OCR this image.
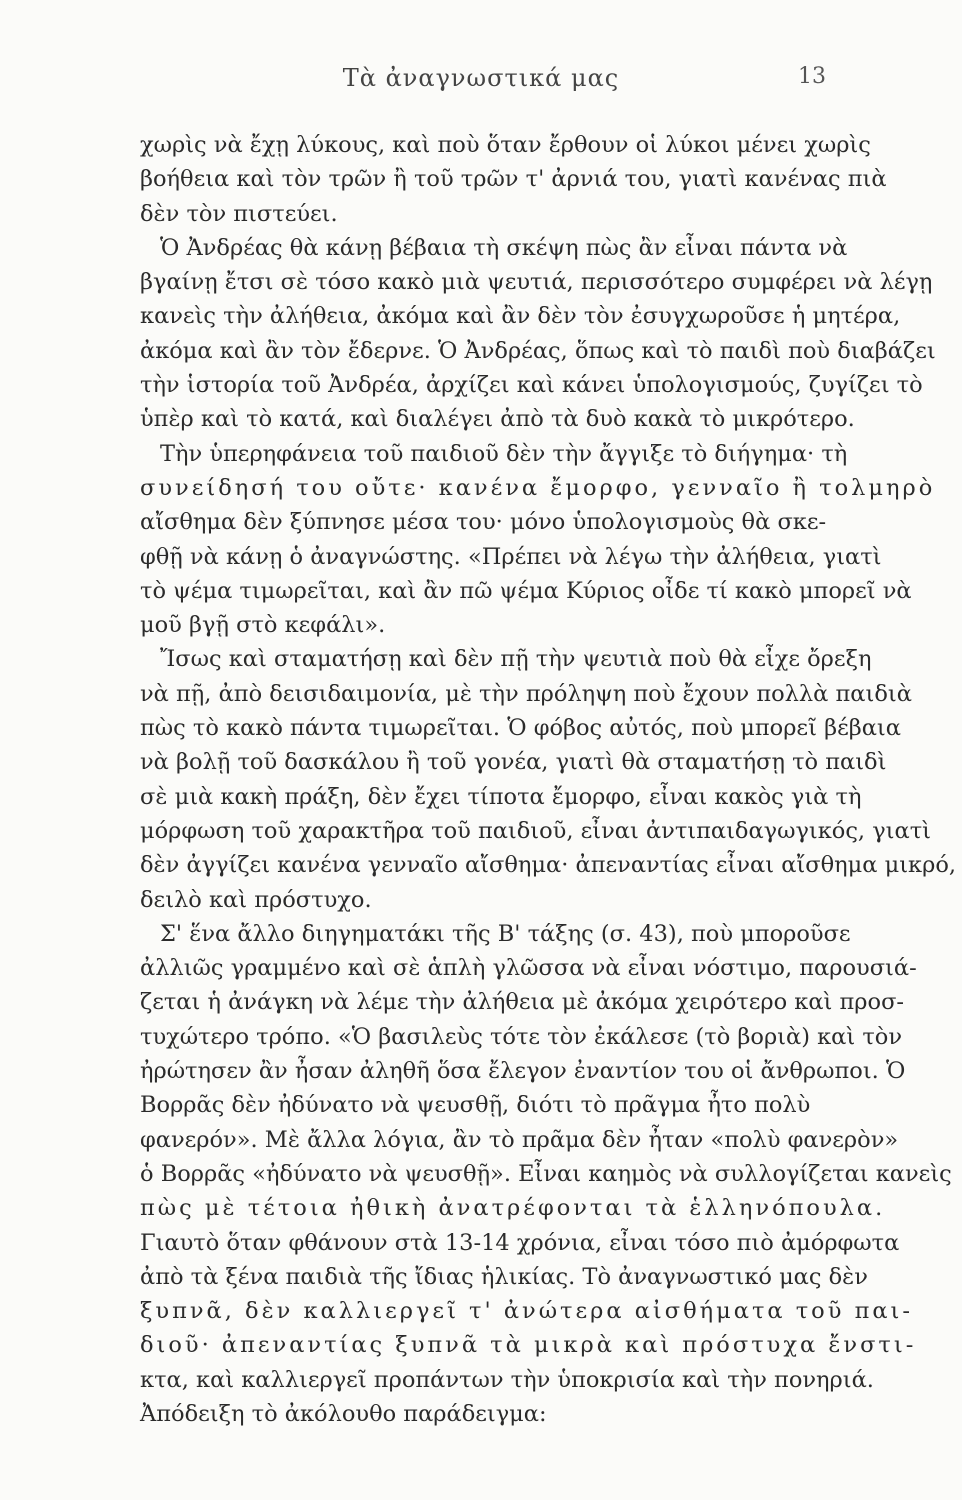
Τὰ ἀναγνωστικά μας	13
χωρὶς νὰ ἔχῃ λύκους, καὶ ποὺ ὅταν ἔρθουν οἱ λύκοι μένει χωρὶς
βοήθεια καὶ τὸν τρῶν ἢ τοῦ τρῶν τ' ἀρνιά του, γιατὶ κανένας πιὰ
δὲν τὸν πιστεύει.
Ὁ Ἀνδρέας θὰ κάνῃ βέβαια τὴ σκέψη πὼς ἂν εἶναι πάντα νὰ
βγαίνῃ ἔτσι σὲ τόσο κακὸ μιὰ ψευτιά, περισσότερο συμφέρει νὰ λέγῃ
κανεὶς τὴν ἀλήθεια, ἀκόμα καὶ ἂν δὲν τὸν ἐσυγχωροῦσε ἡ μητέρα,
ἀκόμα καὶ ἂν τὸν ἔδερνε. Ὁ Ἀνδρέας, ὅπως καὶ τὸ παιδὶ ποὺ διαβάζει
τὴν ἱστορία τοῦ Ἀνδρέα, ἀρχίζει καὶ κάνει ὑπολογισμούς, ζυγίζει τὸ
ὑπὲρ καὶ τὸ κατά, καὶ διαλέγει ἀπὸ τὰ δυὸ κακὰ τὸ μικρότερο.
Τὴν ὑπερηφάνεια τοῦ παιδιοῦ δὲν τὴν ἄγγιξε τὸ διήγημα· τὴ
συνείδησή του οὔτε· κανένα ἔμορφο, γενναῖο ἢ τολμηρὸ
αἴσθημα δὲν ξύπνησε μέσα του· μόνο ὑπολογισμοὺς θὰ σκε-
φθῇ νὰ κάνῃ ὁ ἀναγνώστης. «Πρέπει νὰ λέγω τὴν ἀλήθεια, γιατὶ
τὸ ψέμα τιμωρεῖται, καὶ ἂν πῶ ψέμα Κύριος οἶδε τί κακὸ μπορεῖ νὰ
μοῦ βγῇ στὸ κεφάλι».
Ἴσως καὶ σταματήσῃ καὶ δὲν πῇ τὴν ψευτιὰ ποὺ θὰ εἶχε ὄρεξη
νὰ πῇ, ἀπὸ δεισιδαιμονία, μὲ τὴν πρόληψη ποὺ ἔχουν πολλὰ παιδιὰ
πὼς τὸ κακὸ πάντα τιμωρεῖται. Ὁ φόβος αὐτός, ποὺ μπορεῖ βέβαια
νὰ βολῇ τοῦ δασκάλου ἢ τοῦ γονέα, γιατὶ θὰ σταματήσῃ τὸ παιδὶ
σὲ μιὰ κακὴ πράξη, δὲν ἔχει τίποτα ἔμορφο, εἶναι κακὸς γιὰ τὴ
μόρφωση τοῦ χαρακτῆρα τοῦ παιδιοῦ, εἶναι ἀντιπαιδαγωγικός, γιατὶ
δὲν ἀγγίζει κανένα γενναῖο αἴσθημα· ἀπεναντίας εἶναι αἴσθημα μικρό,
δειλὸ καὶ πρόστυχο.
Σ' ἕνα ἄλλο διηγηματάκι τῆς Β' τάξης (σ. 43), ποὺ μποροῦσε
ἀλλιῶς γραμμένο καὶ σὲ ἁπλὴ γλῶσσα νὰ εἶναι νόστιμο, παρουσιά-
ζεται ἡ ἀνάγκη νὰ λέμε τὴν ἀλήθεια μὲ ἀκόμα χειρότερο καὶ προσ-
τυχώτερο τρόπο. «Ὁ βασιλεὺς τότε τὸν ἐκάλεσε (τὸ βοριὰ) καὶ τὸν
ἠρώτησεν ἂν ἦσαν ἀληθῆ ὅσα ἔλεγον ἐναντίον του οἱ ἄνθρωποι. Ὁ
Βορρᾶς δὲν ἠδύνατο νὰ ψευσθῇ, διότι τὸ πρᾶγμα ἦτο πολὺ
φανερόν». Μὲ ἄλλα λόγια, ἂν τὸ πρᾶμα δὲν ἦταν «πολὺ φανερὸν»
ὁ Βορρᾶς «ἠδύνατο νὰ ψευσθῇ». Εἶναι καημὸς νὰ συλλογίζεται κανεὶς
πὼς μὲ τέτοια ἠθικὴ ἀνατρέφονται τὰ ἑλληνόπουλα.
Γιαυτὸ ὅταν φθάνουν στὰ 13-14 χρόνια, εἶναι τόσο πιὸ ἀμόρφωτα
ἀπὸ τὰ ξένα παιδιὰ τῆς ἴδιας ἡλικίας. Τὸ ἀναγνωστικό μας δὲν
ξυπνᾶ, δὲν καλλιεργεῖ τ' ἀνώτερα αἰσθήματα τοῦ παι-
διοῦ· ἀπεναντίας ξυπνᾶ τὰ μικρὰ καὶ πρόστυχα ἔνστι-
κτα, καὶ καλλιεργεῖ προπάντων τὴν ὑποκρισία καὶ τὴν πονηριά.
Ἀπόδειξη τὸ ἀκόλουθο παράδειγμα:
